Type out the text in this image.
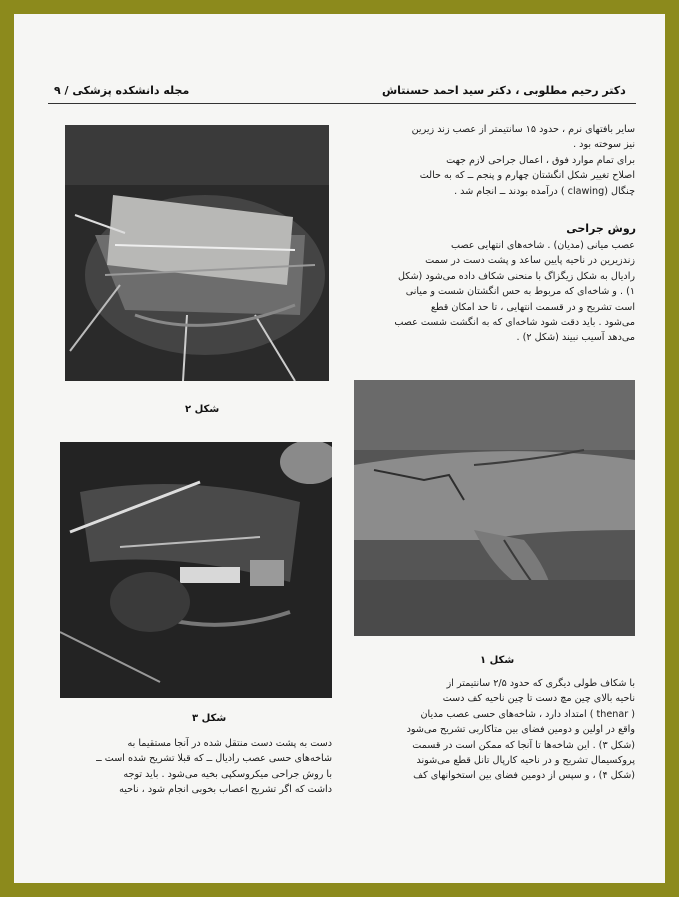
دکتر رحیم مطلوبی ، دکتر سید احمد حسنتاش
مجله دانشکده پزشکی / ۹
شکل ۲
شکل ۳
شکل ۱
سایر بافتهای نرم ، حدود ۱۵ سانتیمتر از عصب زند زیرین
نیز سوخته بود .
برای تمام موارد فوق ، اعمال جراحی لازم جهت
اصلاح تغییر شکل انگشتان چهارم و پنجم ــ که به حالت
چنگال (clawing ) درآمده بودند ــ انجام شد .
روش جراحی
عصب میانی (مدیان) . شاخه‌های انتهایی عصب
زندزیرین در ناحیه پایین ساعد و پشت دست در سمت
رادیال به شکل زیگزاگ با منحنی شکاف داده می‌شود (شکل
۱) . و شاخه‌ای که مربوط به حس انگشتان شست و میانی
است تشریح و در قسمت انتهایی ، تا حد امکان قطع
می‌شود . باید دقت شود شاخه‌ای که به انگشت شست عصب
می‌دهد آسیب نبیند (شکل ۲) .
با شکاف طولی دیگری که حدود ۲/۵ سانتیمتر از
ناحیه بالای چین مچ دست تا چین ناحیه کف دست
( thenar ) امتداد دارد ، شاخه‌های حسی عصب مدیان
واقع در اولین و دومین فضای بین متاکاربی تشریح می‌شود
(شکل ۳) . این شاخه‌ها تا آنجا که ممکن است در قسمت
پروکسیمال تشریح و در ناحیه کارپال تانل قطع می‌شوند
(شکل ۴) ، و سپس از دومین فضای بین استخوانهای کف
دست به پشت دست منتقل شده در آنجا مستقیما به
شاخه‌های حسی عصب رادیال ــ که قبلا تشریح شده است ــ
با روش جراحی میکروسکپی بخیه می‌شود . باید توجه
داشت که اگر تشریح اعصاب بخوبی انجام شود ، ناحیه
